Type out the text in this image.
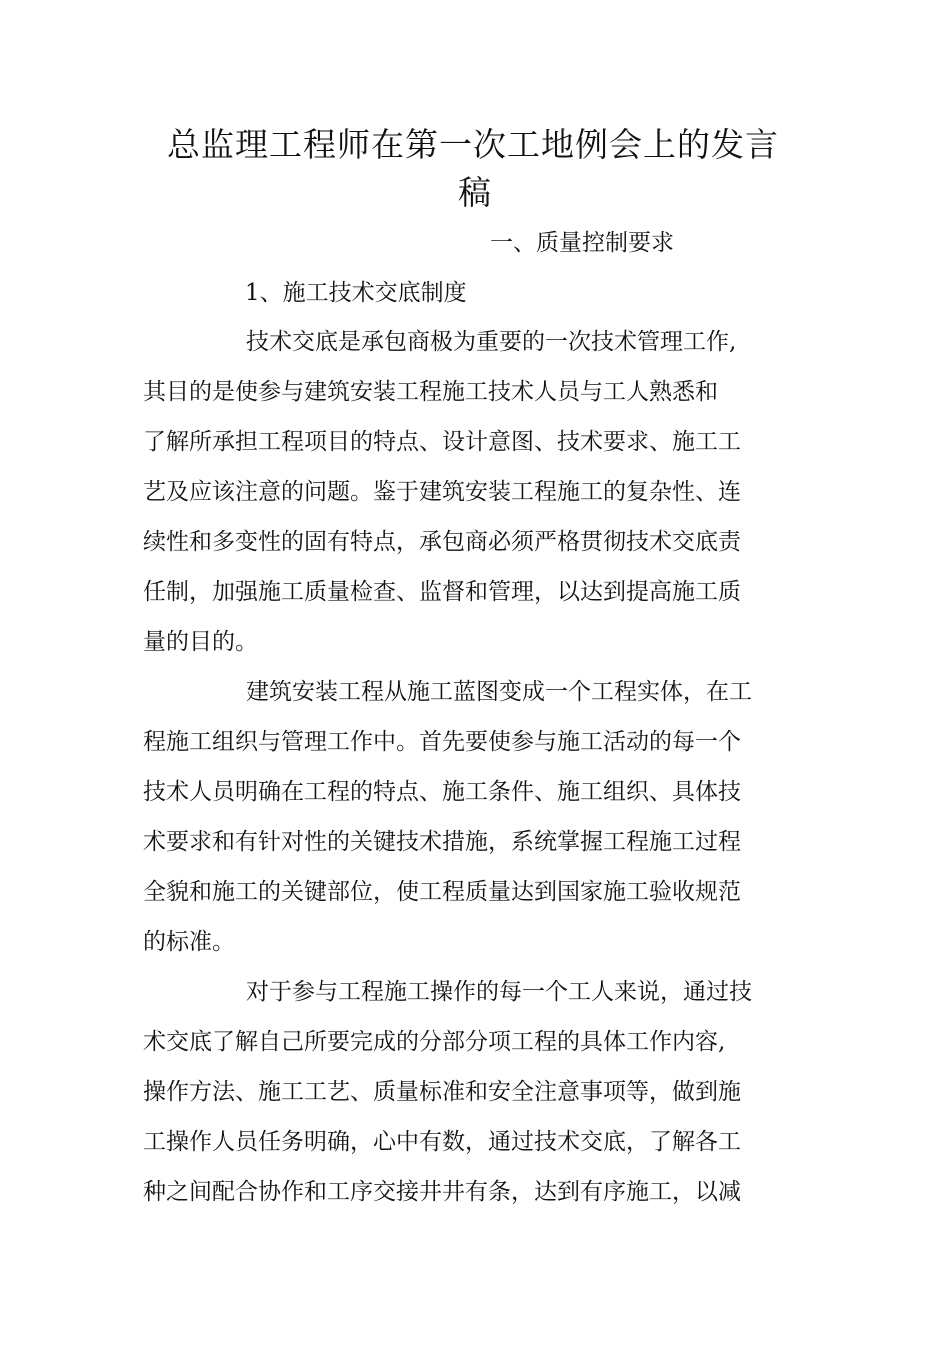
总监理工程师在第一次工地例会上的发言
稿
一、质量控制要求
1、施工技术交底制度
技术交底是承包商极为重要的一次技术管理工作,
其目的是使参与建筑安装工程施工技术人员与工人熟悉和
了解所承担工程项目的特点、设计意图、技术要求、施工工
艺及应该注意的问题。鉴于建筑安装工程施工的复杂性、连
续性和多变性的固有特点，承包商必须严格贯彻技术交底责
任制，加强施工质量检查、监督和管理，以达到提高施工质
量的目的。
建筑安装工程从施工蓝图变成一个工程实体，在工
程施工组织与管理工作中。首先要使参与施工活动的每一个
技术人员明确在工程的特点、施工条件、施工组织、具体技
术要求和有针对性的关键技术措施，系统掌握工程施工过程
全貌和施工的关键部位，使工程质量达到国家施工验收规范
的标准。
对于参与工程施工操作的每一个工人来说，通过技
术交底了解自己所要完成的分部分项工程的具体工作内容,
操作方法、施工工艺、质量标准和安全注意事项等，做到施
工操作人员任务明确，心中有数，通过技术交底，了解各工
种之间配合协作和工序交接井井有条，达到有序施工，以减
